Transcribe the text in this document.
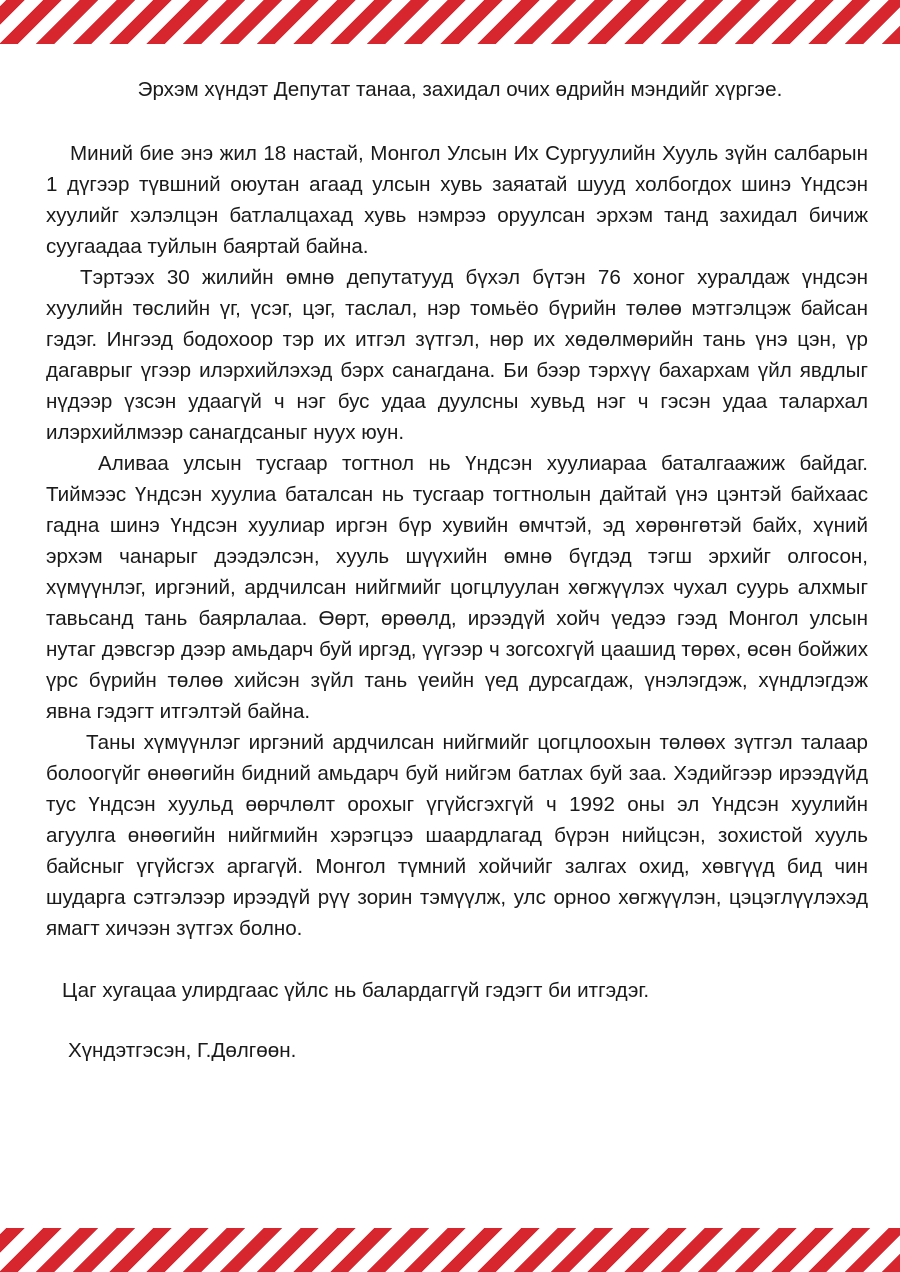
Эрхэм хүндэт Депутат танаа, захидал очих өдрийн мэндийг хүргэе.

Миний бие энэ жил 18 настай, Монгол Улсын Их Сургуулийн Хууль зүйн салбарын 1 дүгээр түвшний оюутан агаад улсын хувь заяатай шууд холбогдох шинэ Үндсэн хуулийг хэлэлцэн батлалцахад хувь нэмрээ оруулсан эрхэм танд захидал бичиж суугаадаа туйлын баяртай байна.

Тэртээх 30 жилийн өмнө депутатууд бүхэл бүтэн 76 хоног хуралдаж үндсэн хуулийн төслийн үг, үсэг, цэг, таслал, нэр томьёо бүрийн төлөө мэтгэлцэж байсан гэдэг. Ингээд бодохоор тэр их итгэл зүтгэл, нөр их хөдөлмөрийн тань үнэ цэн, үр дагаврыг үгээр илэрхийлэхэд бэрх санагдана. Би бээр тэрхүү бахархам үйл явдлыг нүдээр үзсэн удаагүй ч нэг бус удаа дуулсны хувьд нэг ч гэсэн удаа талархал илэрхийлмээр санагдсаныг нуух юун.

Аливаа улсын тусгаар тогтнол нь Үндсэн хуулиараа баталгаажиж байдаг. Тиймээс Үндсэн хуулиа баталсан нь тусгаар тогтнолын дайтай үнэ цэнтэй байхаас гадна шинэ Үндсэн хуулиар иргэн бүр хувийн өмчтэй, эд хөрөнгөтэй байх, хүний эрхэм чанарыг дээдэлсэн, хууль шүүхийн өмнө бүгдэд тэгш эрхийг олгосон, хүмүүнлэг, иргэний, ардчилсан нийгмийг цогцлуулан хөгжүүлэх чухал суурь алхмыг тавьсанд тань баярлалаа. Өөрт, өрөөлд, ирээдүй хойч үедээ гээд Монгол улсын нутаг дэвсгэр дээр амьдарч буй иргэд, үүгээр ч зогсохгүй цаашид төрөх, өсөн бойжих үрс бүрийн төлөө хийсэн зүйл тань үеийн үед дурсагдаж, үнэлэгдэж, хүндлэгдэж явна гэдэгт итгэлтэй байна.

Таны хүмүүнлэг иргэний ардчилсан нийгмийг цогцлоохын төлөөх зүтгэл талаар болоогүйг өнөөгийн бидний амьдарч буй нийгэм батлах буй заа. Хэдийгээр ирээдүйд тус Үндсэн хуульд өөрчлөлт орохыг үгүйсгэхгүй ч 1992 оны эл Үндсэн хуулийн агуулга өнөөгийн нийгмийн хэрэгцээ шаардлагад бүрэн нийцсэн, зохистой хууль байсныг үгүйсгэх аргагүй. Монгол түмний хойчийг залгах охид, хөвгүүд бид чин шударга сэтгэлээр ирээдүй рүү зорин тэмүүлж, улс орноо хөгжүүлэн, цэцэглүүлэхэд ямагт хичээн зүтгэх болно.

Цаг хугацаа улирдгаас үйлс нь балардаггүй гэдэгт би итгэдэг.

Хүндэтгэсэн, Г.Дөлгөөн.
